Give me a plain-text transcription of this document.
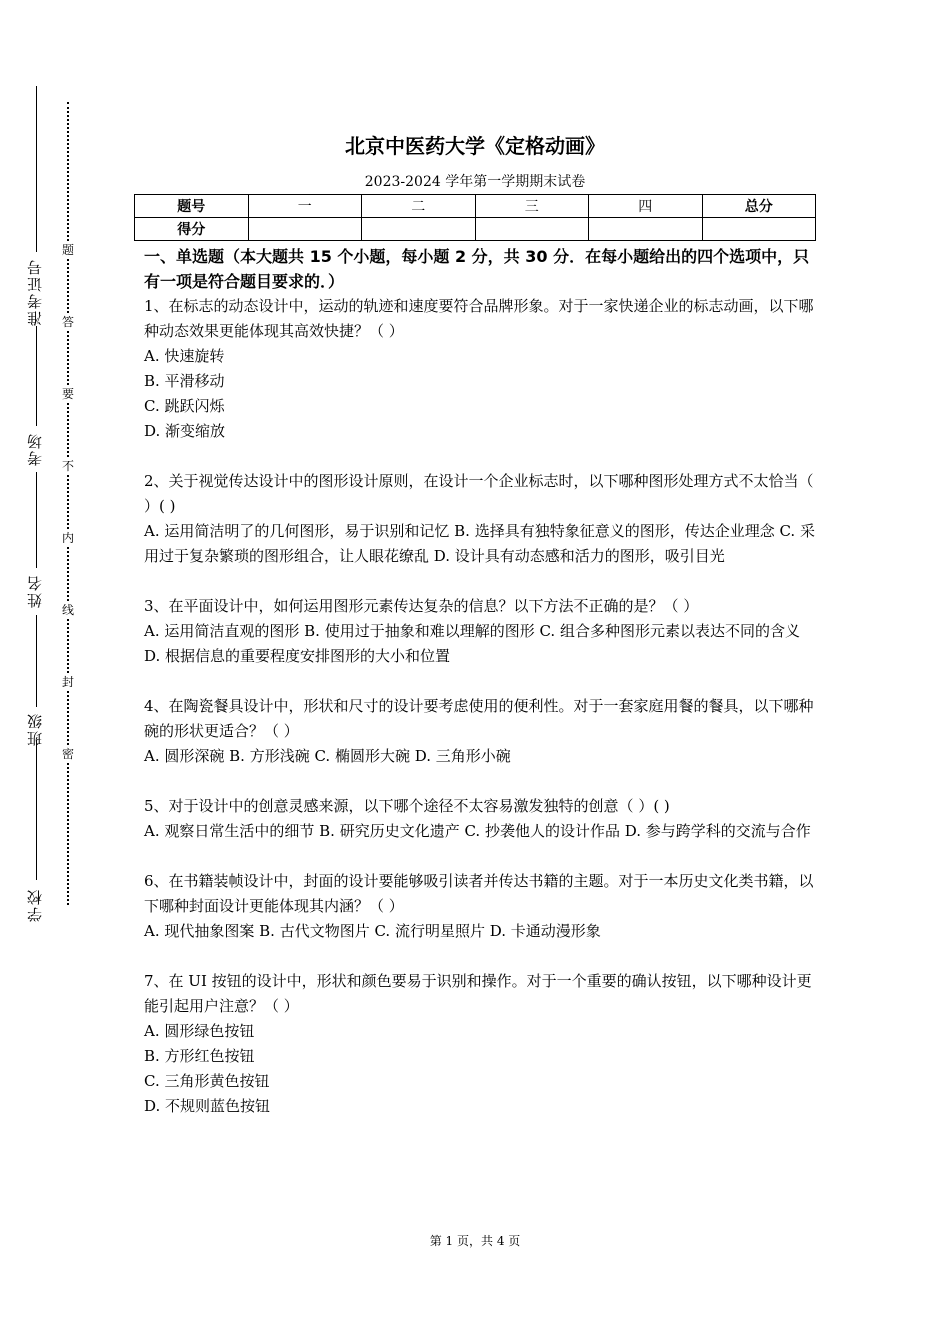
学校
班级
姓名
考场
准考证号
题
答
要
不
内
线
封
密
北京中医药大学《定格动画》
2023-2024 学年第一学期期末试卷
题号	一	二	三	四	总分
得分					
一、单选题（本大题共 15 个小题，每小题 2 分，共 30 分．在每小题给出的四个选项中，只有一项是符合题目要求的．）
1、在标志的动态设计中，运动的轨迹和速度要符合品牌形象。对于一家快递企业的标志动画，以下哪种动态效果更能体现其高效快捷？（ ）
A. 快速旋转
B. 平滑移动
C. 跳跃闪烁
D. 渐变缩放
2、关于视觉传达设计中的图形设计原则，在设计一个企业标志时，以下哪种图形处理方式不太恰当（ ）( )
A. 运用简洁明了的几何图形，易于识别和记忆 B. 选择具有独特象征意义的图形，传达企业理念 C. 采用过于复杂繁琐的图形组合，让人眼花缭乱 D. 设计具有动态感和活力的图形，吸引目光
3、在平面设计中，如何运用图形元素传达复杂的信息？以下方法不正确的是？（ ）
A. 运用简洁直观的图形 B. 使用过于抽象和难以理解的图形 C. 组合多种图形元素以表达不同的含义 D. 根据信息的重要程度安排图形的大小和位置
4、在陶瓷餐具设计中，形状和尺寸的设计要考虑使用的便利性。对于一套家庭用餐的餐具，以下哪种碗的形状更适合？（ ）
A. 圆形深碗 B. 方形浅碗 C. 椭圆形大碗 D. 三角形小碗
5、对于设计中的创意灵感来源，以下哪个途径不太容易激发独特的创意（ ）( )
A. 观察日常生活中的细节 B. 研究历史文化遗产 C. 抄袭他人的设计作品 D. 参与跨学科的交流与合作
6、在书籍装帧设计中，封面的设计要能够吸引读者并传达书籍的主题。对于一本历史文化类书籍，以下哪种封面设计更能体现其内涵？（ ）
A. 现代抽象图案 B. 古代文物图片 C. 流行明星照片 D. 卡通动漫形象
7、在 UI 按钮的设计中，形状和颜色要易于识别和操作。对于一个重要的确认按钮，以下哪种设计更能引起用户注意？（ ）
A. 圆形绿色按钮
B. 方形红色按钮
C. 三角形黄色按钮
D. 不规则蓝色按钮
第 1 页，共 4 页
